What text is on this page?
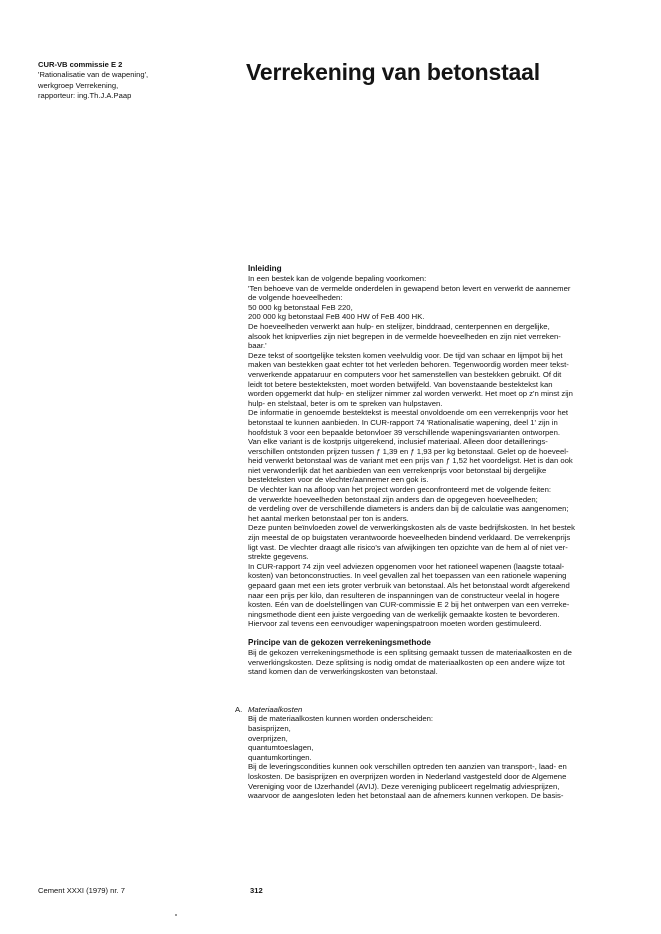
CUR-VB commissie E 2
'Rationalisatie van de wapening',
werkgroep Verrekening,
rapporteur: ing.Th.J.A.Paap
Verrekening van betonstaal
Inleiding
In een bestek kan de volgende bepaling voorkomen:
'Ten behoeve van de vermelde onderdelen in gewapend beton levert en verwerkt de aannemer
de volgende hoeveelheden:
50 000 kg betonstaal FeB 220,
200 000 kg betonstaal FeB 400 HW of FeB 400 HK.
De hoeveelheden verwerkt aan hulp- en stelijzer, binddraad, centerpennen en dergelijke,
alsook het knipverlies zijn niet begrepen in de vermelde hoeveelheden en zijn niet verreken-
baar.'
Deze tekst of soortgelijke teksten komen veelvuldig voor. De tijd van schaar en lijmpot bij het
maken van bestekken gaat echter tot het verleden behoren. Tegenwoordig worden meer tekst-
verwerkende appataruur en computers voor het samenstellen van bestekken gebruikt. Of dit
leidt tot betere bestekteksten, moet worden betwijfeld. Van bovenstaande bestektekst kan
worden opgemerkt dat hulp- en stelijzer nimmer zal worden verwerkt. Het moet op z'n minst zijn
hulp- en stelstaal, beter is om te spreken van hulpstaven.
De informatie in genoemde bestektekst is meestal onvoldoende om een verrekenprijs voor het
betonstaal te kunnen aanbieden. In CUR-rapport 74 'Rationalisatie wapening, deel 1' zijn in
hoofdstuk 3 voor een bepaalde betonvloer 39 verschillende wapeningsvarianten ontworpen.
Van elke variant is de kostprijs uitgerekend, inclusief materiaal. Alleen door detaillerings-
verschillen ontstonden prijzen tussen ƒ 1,39 en ƒ 1,93 per kg betonstaal. Gelet op de hoeveel-
heid verwerkt betonstaal was de variant met een prijs van ƒ 1,52 het voordeligst. Het is dan ook
niet verwonderlijk dat het aanbieden van een verrekenprijs voor betonstaal bij dergelijke
bestekteksten voor de vlechter/aannemer een gok is.
De vlechter kan na afloop van het project worden geconfronteerd met de volgende feiten:
de verwerkte hoeveelheden betonstaal zijn anders dan de opgegeven hoeveelheden;
de verdeling over de verschillende diameters is anders dan bij de calculatie was aangenomen;
het aantal merken betonstaal per ton is anders.
Deze punten beïnvloeden zowel de verwerkingskosten als de vaste bedrijfskosten. In het bestek
zijn meestal de op buigstaten verantwoorde hoeveelheden bindend verklaard. De verrekenprijs
ligt vast. De vlechter draagt alle risico's van afwijkingen ten opzichte van de hem al of niet ver-
strekte gegevens.
In CUR-rapport 74 zijn veel adviezen opgenomen voor het rationeel wapenen (laagste totaal-
kosten) van betonconstructies. In veel gevallen zal het toepassen van een rationele wapening
gepaard gaan met een iets groter verbruik van betonstaal. Als het betonstaal wordt afgerekend
naar een prijs per kilo, dan resulteren de inspanningen van de constructeur veelal in hogere
kosten. Eén van de doelstellingen van CUR-commissie E 2 bij het ontwerpen van een verreke-
ningsmethode dient een juiste vergoeding van de werkelijk gemaakte kosten te bevorderen.
Hiervoor zal tevens een eenvoudiger wapeningspatroon moeten worden gestimuleerd.
Principe van de gekozen verrekeningsmethode
Bij de gekozen verrekeningsmethode is een splitsing gemaakt tussen de materiaalkosten en de
verwerkingskosten. Deze splitsing is nodig omdat de materiaalkosten op een andere wijze tot
stand komen dan de verwerkingskosten van betonstaal.
A. Materiaalkosten
Bij de materiaalkosten kunnen worden onderscheiden:
basisprijzen,
overprijzen,
quantumtoeslagen,
quantumkortingen.
Bij de leveringscondities kunnen ook verschillen optreden ten aanzien van transport-, laad- en
loskosten. De basisprijzen en overprijzen worden in Nederland vastgesteld door de Algemene
Vereniging voor de IJzerhandel (AVIJ). Deze vereniging publiceert regelmatig adviesprijzen,
waarvoor de aangesloten leden het betonstaal aan de afnemers kunnen verkopen. De basis-
Cement XXXI (1979) nr. 7	312
